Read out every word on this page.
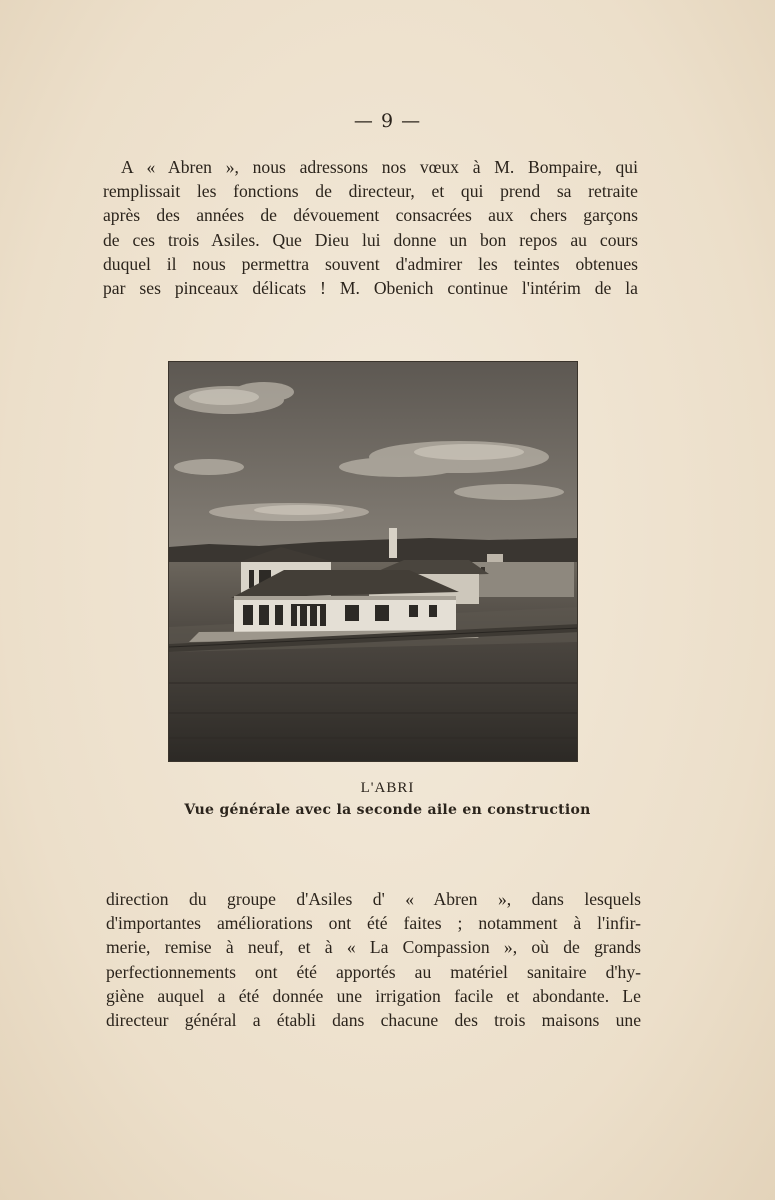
— 9 —
A « Abren », nous adressons nos vœux à M. Bompaire, qui
remplissait les fonctions de directeur, et qui prend sa retraite
après des années de dévouement consacrées aux chers garçons
de ces trois Asiles. Que Dieu lui donne un bon repos au cours
duquel il nous permettra souvent d'admirer les teintes obtenues
par ses pinceaux délicats ! M. Obenich continue l'intérim de la
L'ABRI
Vue générale avec la seconde aile en construction
direction du groupe d'Asiles d' « Abren », dans lesquels
d'importantes améliorations ont été faites ; notamment à l'infir-
merie, remise à neuf, et à « La Compassion », où de grands
perfectionnements ont été apportés au matériel sanitaire d'hy-
giène auquel a été donnée une irrigation facile et abondante. Le
directeur général a établi dans chacune des trois maisons une
